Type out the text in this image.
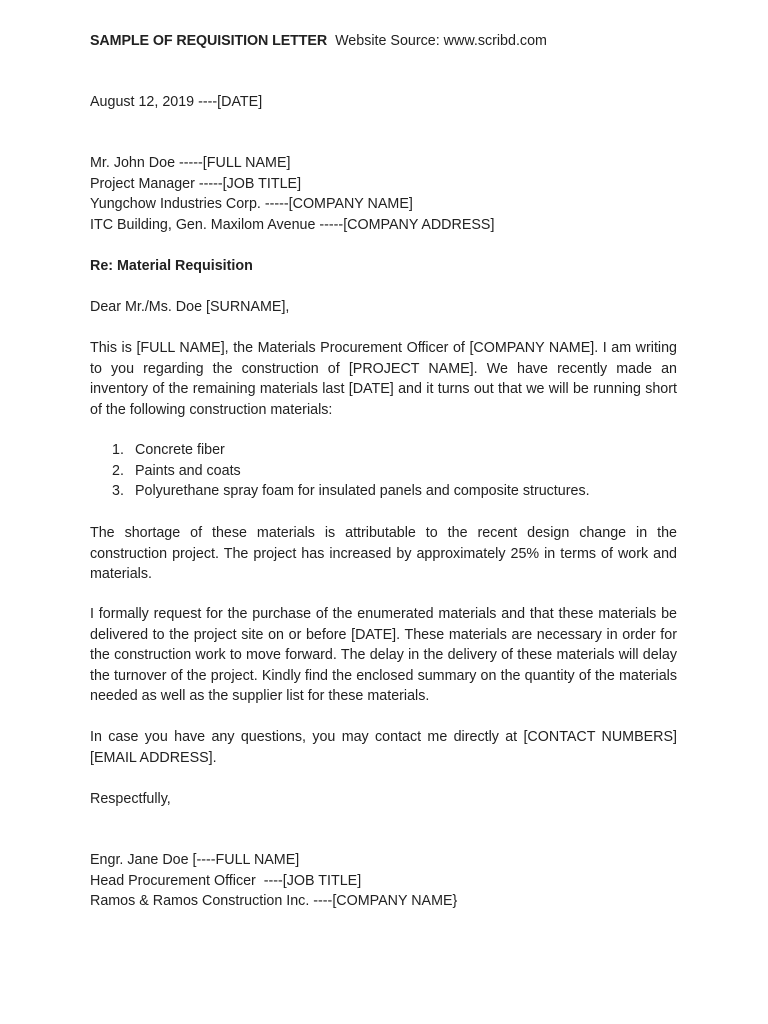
SAMPLE OF REQUISITION LETTER Website Source: www.scribd.com
August 12, 2019 ----[DATE]
Mr. John Doe -----[FULL NAME]
Project Manager -----[JOB TITLE]
Yungchow Industries Corp. -----[COMPANY NAME]
ITC Building, Gen. Maxilom Avenue -----[COMPANY ADDRESS]
Re: Material Requisition
Dear Mr./Ms. Doe [SURNAME],
This is [FULL NAME], the Materials Procurement Officer of [COMPANY NAME]. I am writing to you regarding the construction of [PROJECT NAME]. We have recently made an inventory of the remaining materials last [DATE] and it turns out that we will be running short of the following construction materials:
1. Concrete fiber
2. Paints and coats
3. Polyurethane spray foam for insulated panels and composite structures.
The shortage of these materials is attributable to the recent design change in the construction project. The project has increased by approximately 25% in terms of work and materials.
I formally request for the purchase of the enumerated materials and that these materials be delivered to the project site on or before [DATE]. These materials are necessary in order for the construction work to move forward. The delay in the delivery of these materials will delay the turnover of the project. Kindly find the enclosed summary on the quantity of the materials needed as well as the supplier list for these materials.
In case you have any questions, you may contact me directly at [CONTACT NUMBERS] [EMAIL ADDRESS].
Respectfully,
Engr. Jane Doe [----FULL NAME]
Head Procurement Officer  ----[JOB TITLE]
Ramos & Ramos Construction Inc. ----[COMPANY NAME}
